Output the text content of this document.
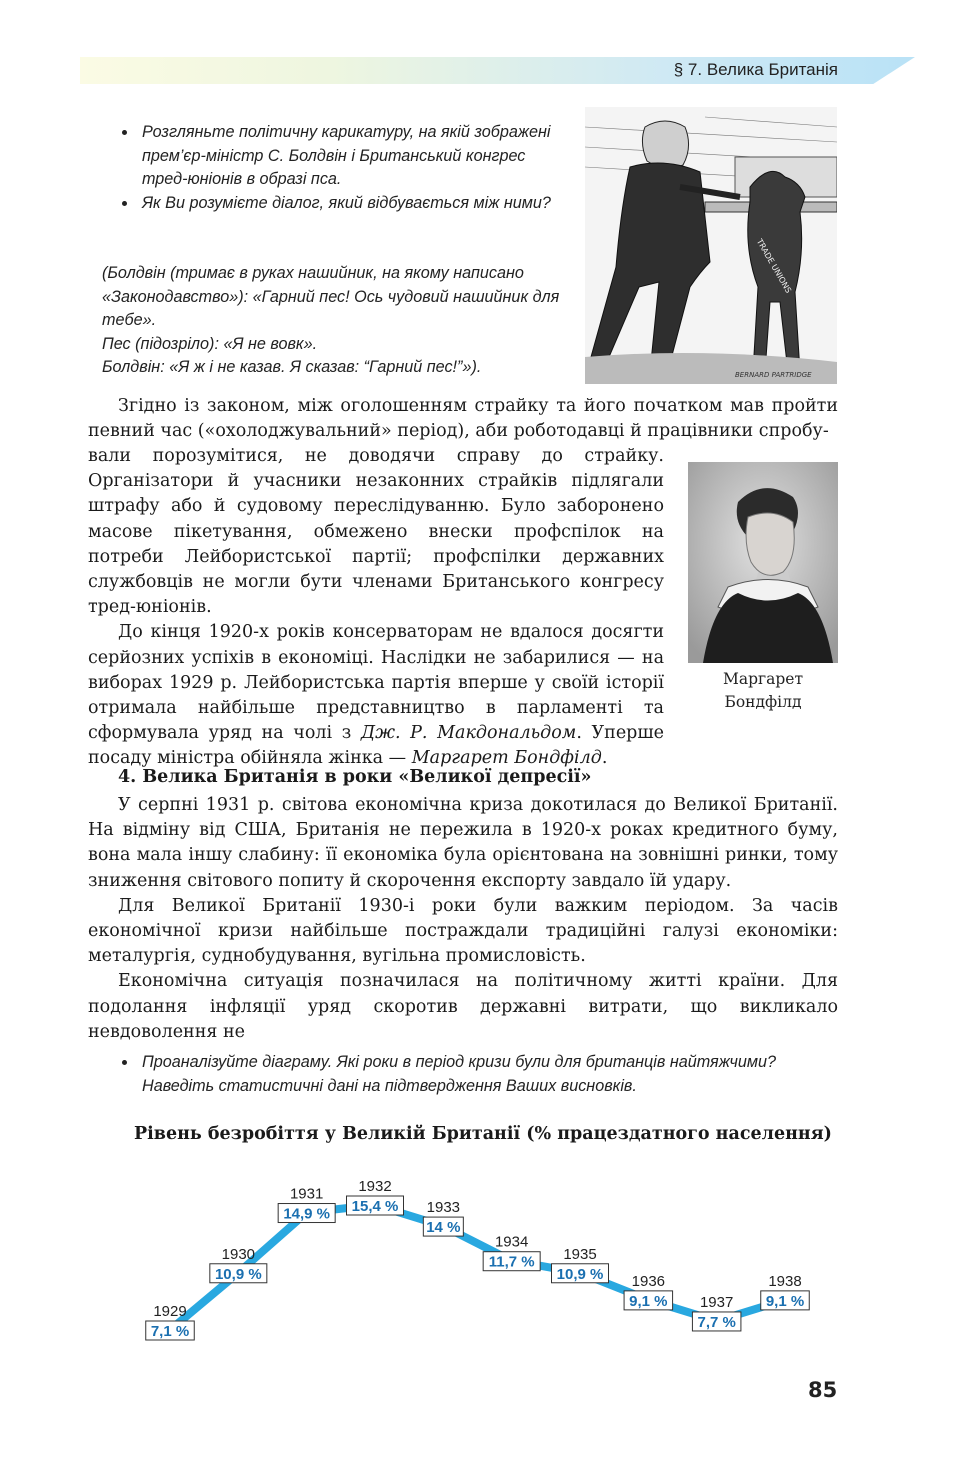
§ 7. Велика Британія
• Розгляньте політичну карикатуру, на якій зображені прем’єр-міністр С. Болдвін і Британський конгрес тред-юніонів в образі пса.
• Як Ви розумієте діалог, який відбувається між ними?

(Болдвін (тримає в руках нашийник, на якому написано «Законодавство»): «Гарний пес! Ось чудовий нашийник для тебе».

Пес (підозріло): «Я не вовк».

Болдвін: «Я ж і не казав. Я сказав: “Гарний пес!”»).

TRADE UNIONS
BERNARD PARTRIDGE

Згідно із законом, між оголошенням страйку та його початком мав пройти певний час («охолоджувальний» період), аби роботодавці й працівники спробу-

вали порозумітися, не доводячи справу до страйку. Організатори й учасники незаконних страйків підлягали штрафу або й судовому переслідуванню. Було заборонено масове пікетування, обмежено внески профспілок на потреби Лейбористської партії; профспілки державних службовців не могли бути членами Британського конгресу тред-юніонів.

До кінця 1920-х років консерваторам не вдалося досягти серйозних успіхів в економіці. Наслідки не забарилися — на виборах 1929 р. Лейбористська партія вперше у своїй історії отримала найбільше представництво в парламенті та сформувала уряд на чолі з Дж. Р. Макдональдом. Уперше посаду міністра обійняла жінка — Маргарет Бондфілд.

Маргарет
Бондфілд
4. Велика Британія в роки «Великої депресії»

У серпні 1931 р. світова економічна криза докотилася до Великої Британії. На відміну від США, Британія не пережила в 1920-х роках кредитного буму, вона мала іншу слабину: її економіка була орієнтована на зовнішні ринки, тому зниження світового попиту й скорочення експорту завдало їй удару.

Для Великої Британії 1930-і роки були важким періодом. За часів економічної кризи найбільше постраждали традиційні галузі економіки: металургія, суднобудування, вугільна промисловість.

Економічна ситуація позначилася на політичному житті країни. Для подолання інфляції уряд скоротив державні витрати, що викликало невдоволення не

• Проаналізуйте діаграму. Які роки в період кризи були для британців найтяжчими? Наведіть статистичні дані на підтвердження Ваших висновків.
Рівень безробіття у Великій Британії (% працездатного населення)
7,1 %
1929
10,9 %
1930
14,9 %
1931
15,4 %
1932
14 %
1933
11,7 %
1934
10,9 %
1935
9,1 %
1936
7,7 %
1937 9,1 %
1938
85
